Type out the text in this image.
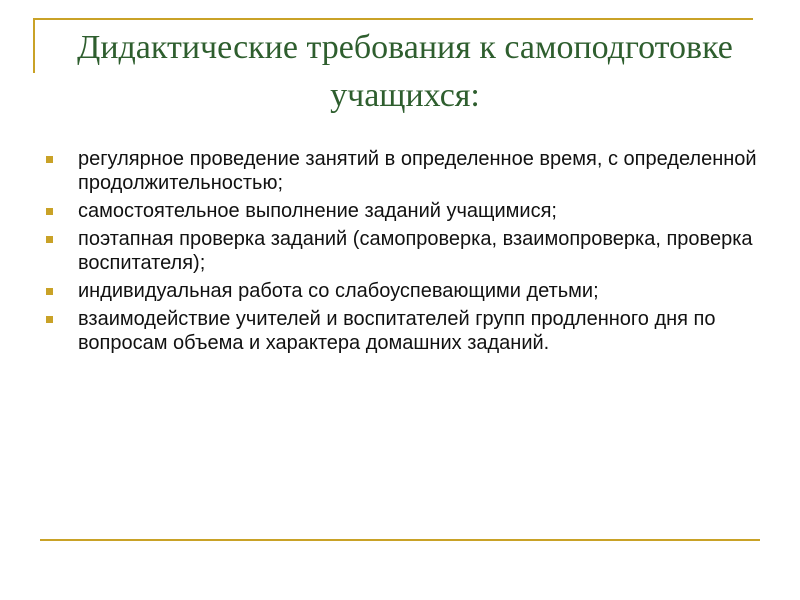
Дидактические требования к самоподготовке учащихся:
регулярное проведение занятий в определенное время, с определенной продолжительностью;
самостоятельное выполнение заданий учащимися;
поэтапная проверка заданий (самопроверка, взаимопроверка, проверка воспитателя);
индивидуальная работа со слабоуспевающими детьми;
взаимодействие учителей и воспитателей групп продленного дня по вопросам объема и характера домашних заданий.
